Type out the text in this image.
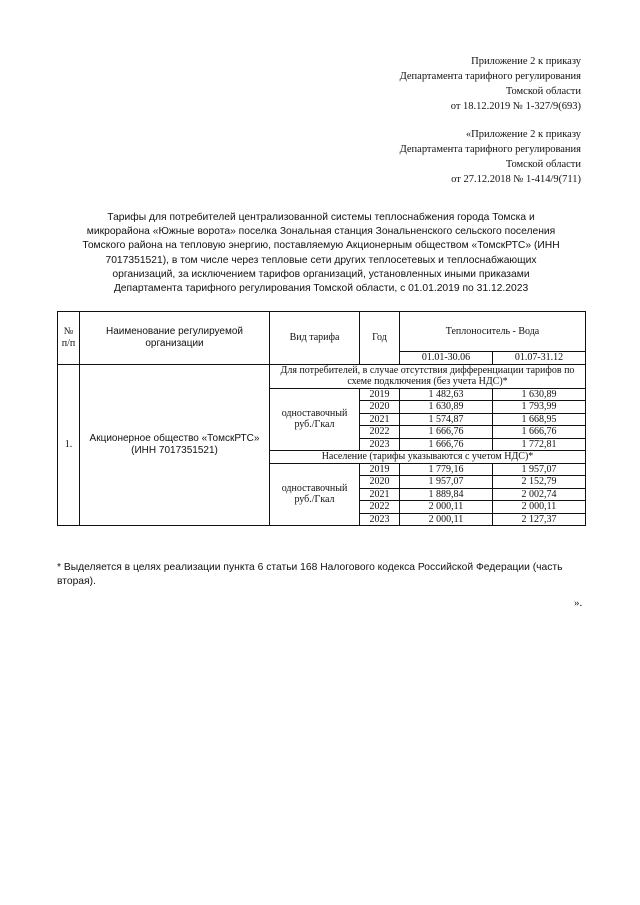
Приложение 2 к приказу
Департамента тарифного регулирования
Томской области
от 18.12.2019 № 1-327/9(693)
«Приложение 2 к приказу
Департамента тарифного регулирования
Томской области
от 27.12.2018 № 1-414/9(711)
Тарифы для потребителей централизованной системы теплоснабжения города Томска и микрорайона «Южные ворота» поселка Зональная станция Зональненского сельского поселения Томского района на тепловую энергию, поставляемую Акционерным обществом «ТомскРТС» (ИНН 7017351521), в том числе через тепловые сети других теплосетевых и теплоснабжающих организаций, за исключением тарифов организаций, установленных иными приказами Департамента тарифного регулирования Томской области, с 01.01.2019 по 31.12.2023
№ п/п	Наименование регулируемой организации	Вид тарифа	Год	Теплоноситель - Вода	
				01.01-30.06	01.07-31.12
1.	Акционерное общество «ТомскРТС» (ИНН 7017351521)	Для потребителей, в случае отсутствия дифференциации тарифов по схеме подключения (без учета НДС)*			
		одноставочный руб./Гкал	2019	1 482,63	1 630,89
			2020	1 630,89	1 793,99
			2021	1 574,87	1 668,95
			2022	1 666,76	1 666,76
			2023	1 666,76	1 772,81
		Население (тарифы указываются с учетом НДС)*			
		одноставочный руб./Гкал	2019	1 779,16	1 957,07
			2020	1 957,07	2 152,79
			2021	1 889,84	2 002,74
			2022	2 000,11	2 000,11
			2023	2 000,11	2 127,37
* Выделяется в целях реализации пункта 6 статьи 168 Налогового кодекса Российской Федерации (часть вторая).
».
